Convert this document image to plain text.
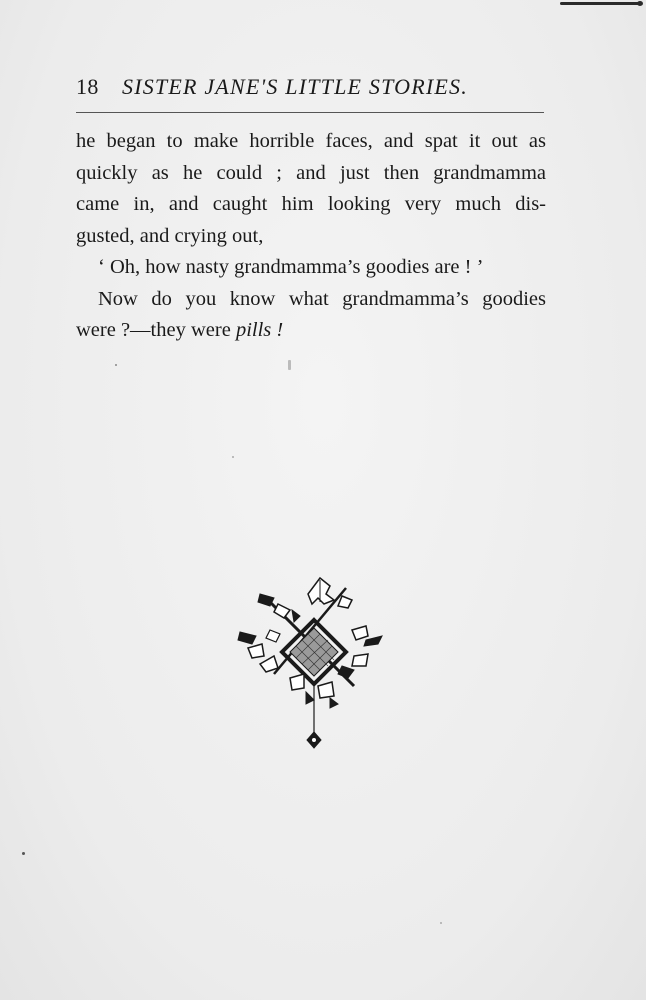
18 SISTER JANE'S LITTLE STORIES.
he began to make horrible faces, and spat it out as
quickly as he could ; and just then grandmamma
came in, and caught him looking very much dis-
gusted, and crying out,
‘ Oh, how nasty grandmamma’s goodies are ! ’
Now do you know what grandmamma’s goodies
were ?—they were pills !
